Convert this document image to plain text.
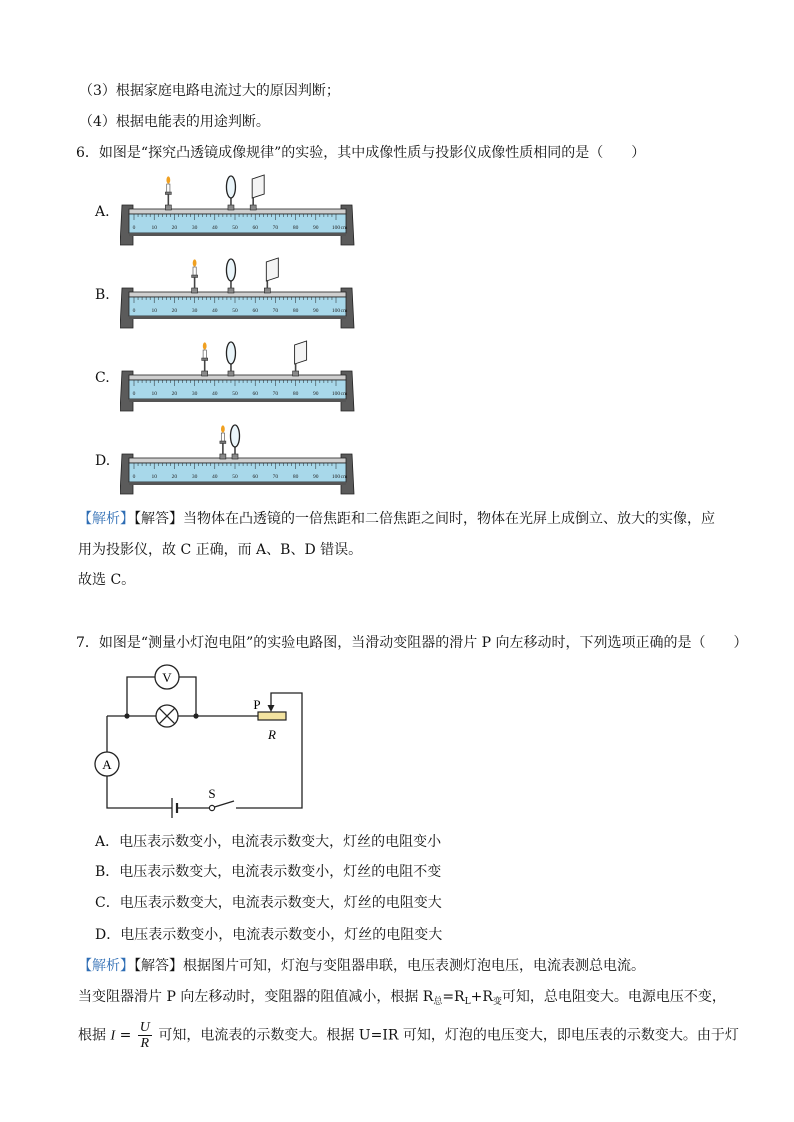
（3）根据家庭电路电流过大的原因判断；
（4）根据电能表的用途判断。
6．如图是“探究凸透镜成像规律”的实验，其中成像性质与投影仪成像性质相同的是（　　）
A.
0	10	20	30	40	50	60	70	80	90 100 cm
B.
0	10	20	30	40	50	60	70	80	90 100 cm
C.
0	10	20	30	40	50	60	70	80	90 100 cm
D.
0	10	20	30	40	50	60	70	80	90 100 cm
【解析】【解答】当物体在凸透镜的一倍焦距和二倍焦距之间时，物体在光屏上成倒立、放大的实像，应
用为投影仪，故 C 正确，而 A、B、D 错误。
故选 C。
7．如图是“测量小灯泡电阻”的实验电路图，当滑动变阻器的滑片 P 向左移动时，下列选项正确的是（　　）
V
A
P
R
S
A．电压表示数变小，电流表示数变大，灯丝的电阻变小
B．电压表示数变大，电流表示数变小，灯丝的电阻不变
C．电压表示数变大，电流表示数变大，灯丝的电阻变大
D．电压表示数变小，电流表示数变小，灯丝的电阻变大
【解析】【解答】根据图片可知，灯泡与变阻器串联，电压表测灯泡电压，电流表测总电流。
当变阻器滑片 P 向左移动时，变阻器的阻值减小，根据 $R_总=R_L+R_变$可知，总电阻变大。电源电压不变，
根据 $I = \frac{U}{R}$ 可知，电流表的示数变大。根据 U=IR 可知，灯泡的电压变大，即电压表的示数变大。由于灯
